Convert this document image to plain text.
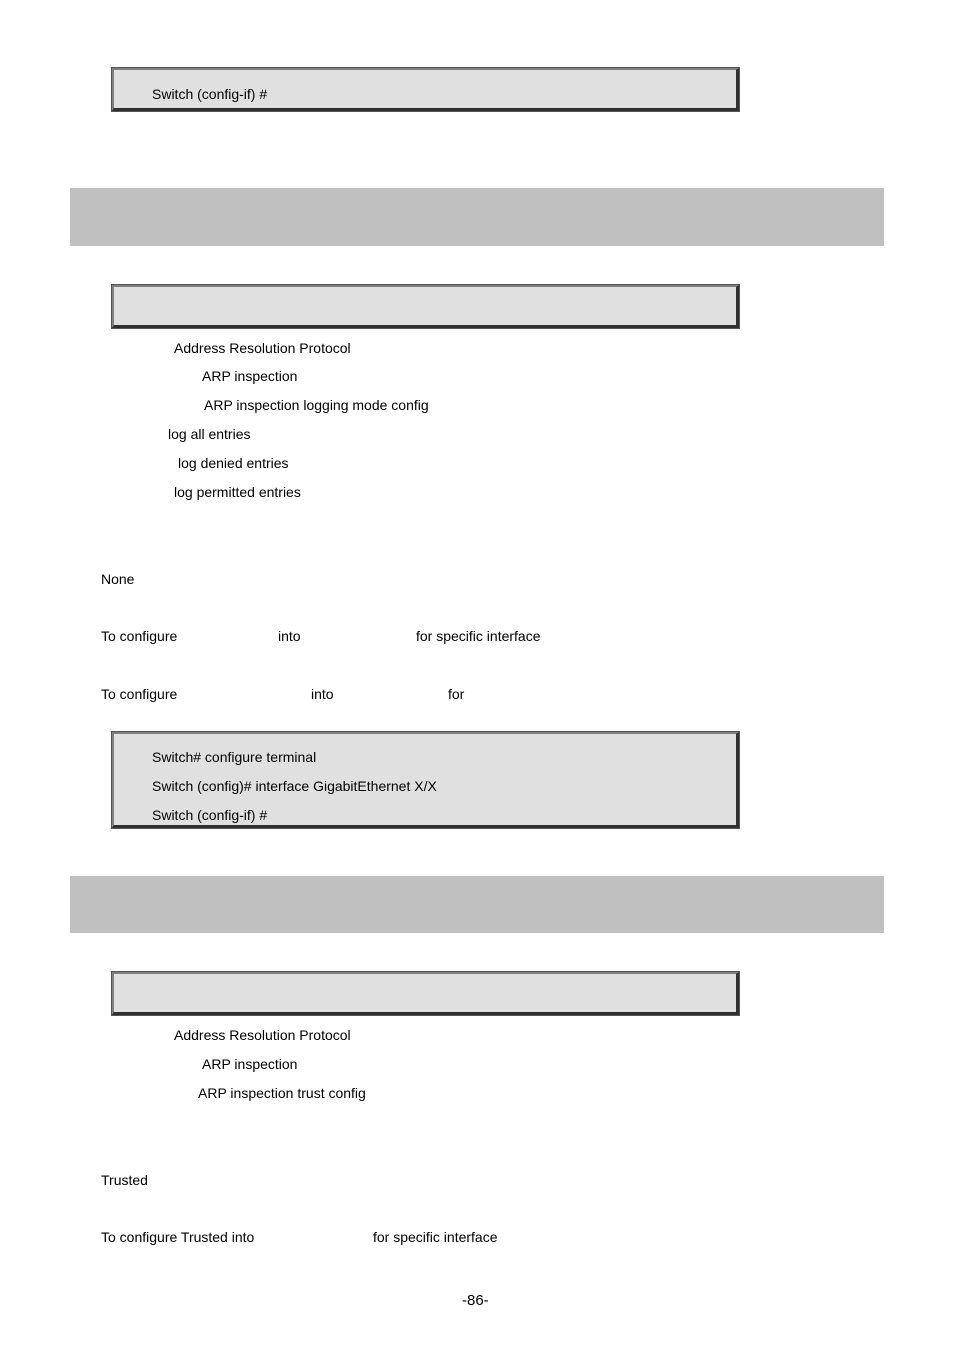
Switch (config-if) #
Address Resolution Protocol
ARP inspection
ARP inspection logging mode config
log all entries
log denied entries
log permitted entries
None
To configure	into	for specific interface
To configure	into	for
Switch# configure terminal
Switch (config)# interface GigabitEthernet X/X
Switch (config-if) #
Address Resolution Protocol
ARP inspection
ARP inspection trust config
Trusted
To configure Trusted into	for specific interface
-86-
